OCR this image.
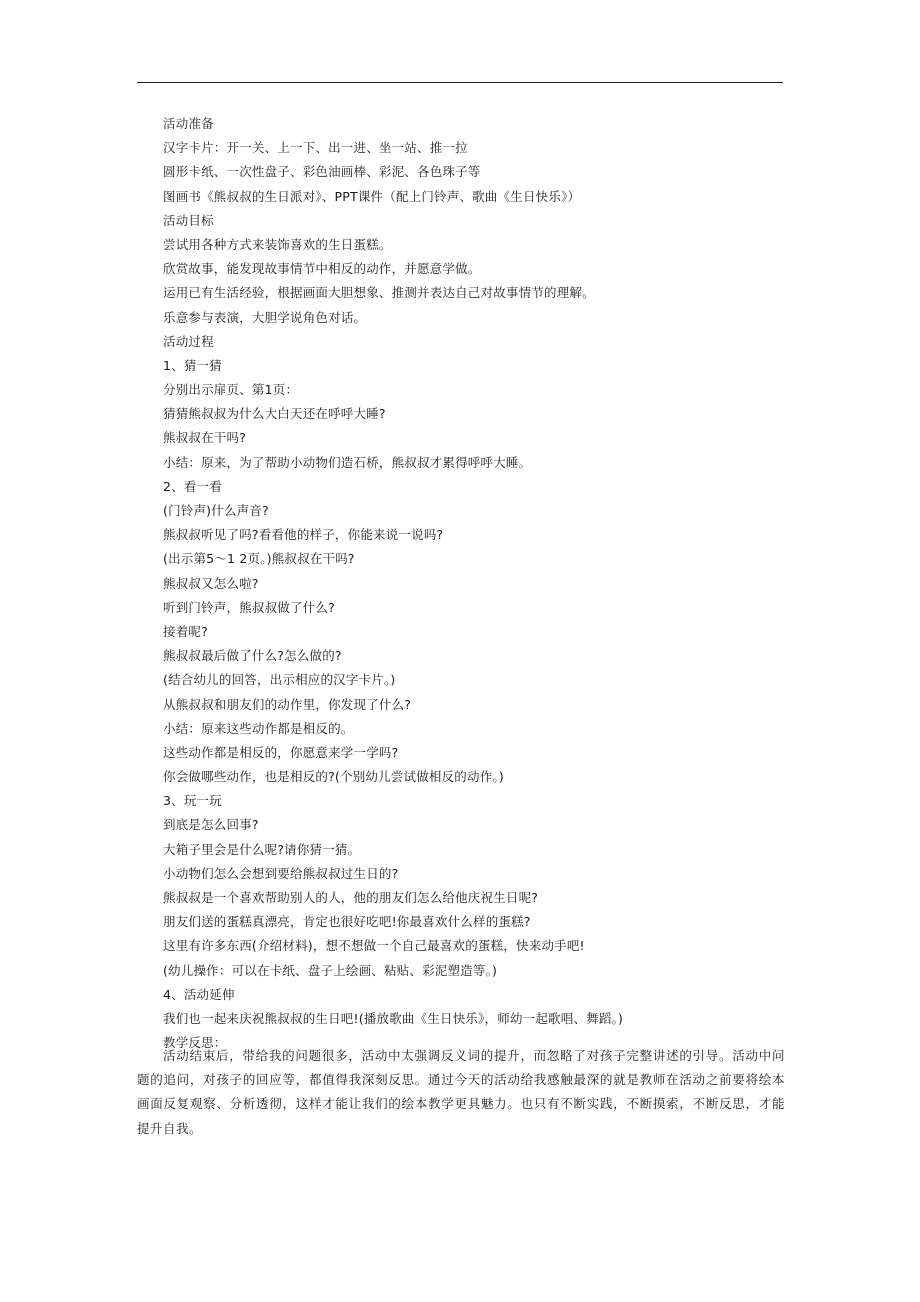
活动准备
汉字卡片：开一关、上一下、出一进、坐一站、推一拉
圆形卡纸、一次性盘子、彩色油画棒、彩泥、各色珠子等
图画书《熊叔叔的生日派对》、PPT课件（配上门铃声、歌曲《生日快乐》）
活动目标
尝试用各种方式来装饰喜欢的生日蛋糕。
欣赏故事，能发现故事情节中相反的动作，并愿意学做。
运用已有生活经验，根据画面大胆想象、推测并表达自己对故事情节的理解。
乐意参与表演，大胆学说角色对话。
活动过程
1、猜一猜
分别出示扉页、第1页：
猜猜熊叔叔为什么大白天还在呼呼大睡?
熊叔叔在干吗?
小结：原来，为了帮助小动物们造石桥，熊叔叔才累得呼呼大睡。
2、看一看
(门铃声)什么声音?
熊叔叔听见了吗?看看他的样子，你能来说一说吗?
(出示第5～1 2页。)熊叔叔在干吗?
熊叔叔又怎么啦?
听到门铃声，熊叔叔做了什么?
接着呢?
熊叔叔最后做了什么?怎么做的?
(结合幼儿的回答，出示相应的汉字卡片。)
从熊叔叔和朋友们的动作里，你发现了什么?
小结：原来这些动作都是相反的。
这些动作都是相反的，你愿意来学一学吗?
你会做哪些动作，也是相反的?(个别幼儿尝试做相反的动作。)
3、玩一玩
到底是怎么回事?
大箱子里会是什么呢?请你猜一猜。
小动物们怎么会想到要给熊叔叔过生日的?
熊叔叔是一个喜欢帮助别人的人，他的朋友们怎么给他庆祝生日呢?
朋友们送的蛋糕真漂亮，肯定也很好吃吧!你最喜欢什么样的蛋糕?
这里有许多东西(介绍材料)，想不想做一个自己最喜欢的蛋糕，快来动手吧!
(幼儿操作：可以在卡纸、盘子上绘画、粘贴、彩泥塑造等。)
4、活动延伸
我们也一起来庆祝熊叔叔的生日吧!(播放歌曲《生日快乐》，师幼一起歌唱、舞蹈。)
教学反思：
活动结束后，带给我的问题很多，活动中太强调反义词的提升，而忽略了对孩子完整讲述的引导。活动中问题的追问，对孩子的回应等，都值得我深刻反思。通过今天的活动给我感触最深的就是教师在活动之前要将绘本画面反复观察、分析透彻，这样才能让我们的绘本教学更具魅力。也只有不断实践，不断摸索，不断反思，才能提升自我。
